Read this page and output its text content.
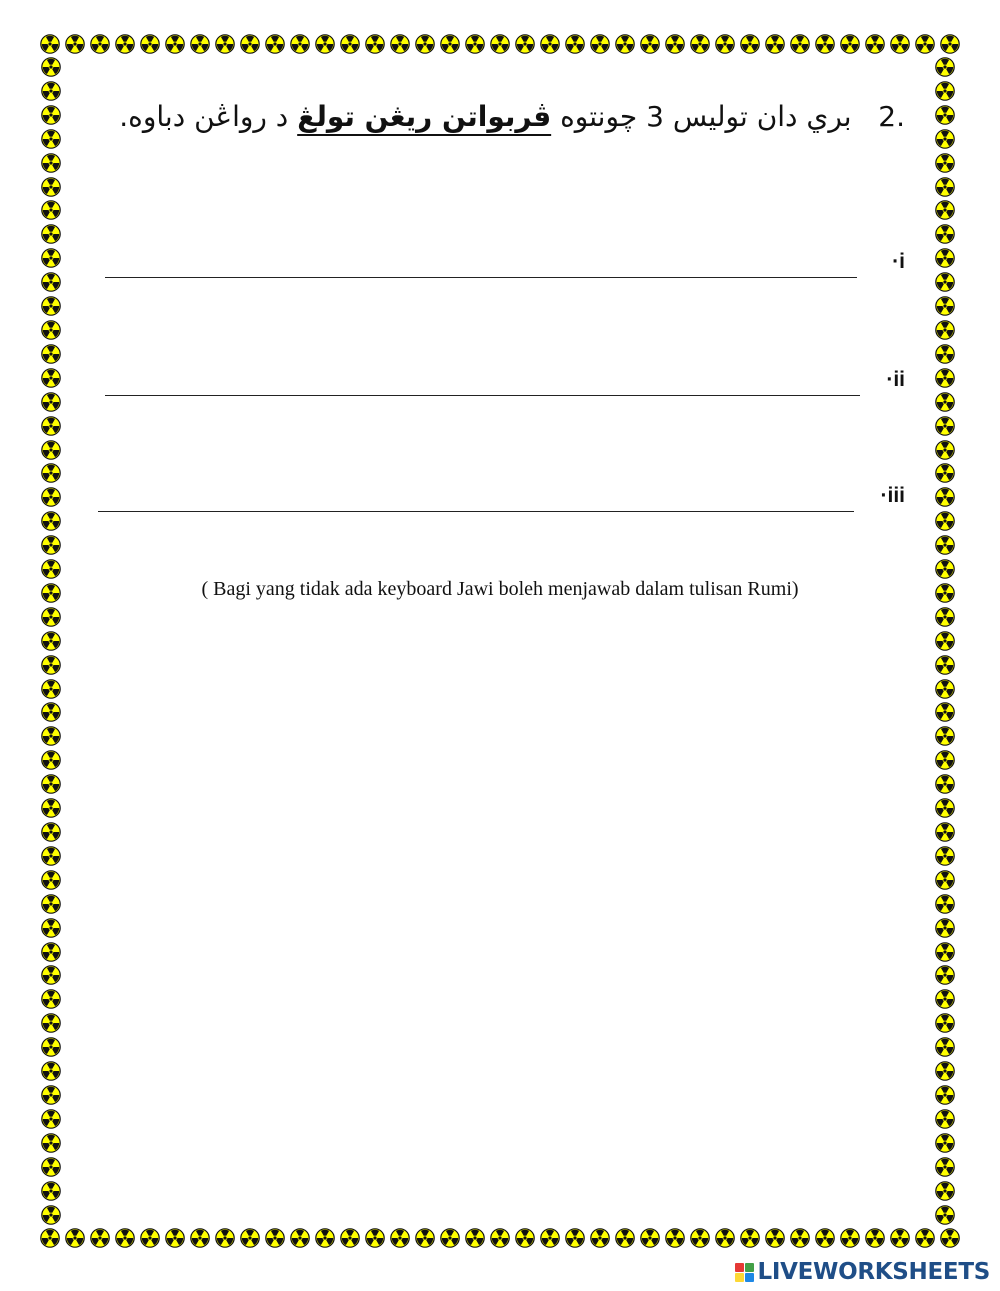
2.   بري دان توليس 3 چونتوه ڤربواتن ريڠن تولڠ د رواڠن دباوه.
·i
·ii
·iii
( Bagi yang tidak ada keyboard Jawi boleh menjawab dalam tulisan Rumi)
LIVEWORKSHEETS
